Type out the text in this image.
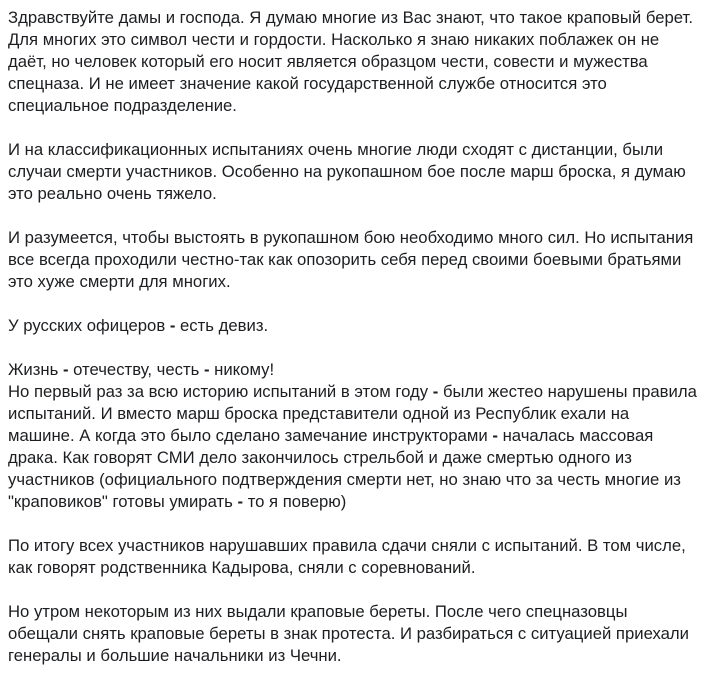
Здравствуйте дамы и господа. Я думаю многие из Вас знают, что такое краповый берет. Для многих это символ чести и гордости. Насколько я знаю никаких поблажек он не даёт, но человек который его носит является образцом чести, совести и мужества спецназа. И не имеет значение какой государственной службе относится это специальное подразделение.

И на классификационных испытаниях очень многие люди сходят с дистанции, были случаи смерти участников. Особенно на рукопашном бое после марш броска, я думаю это реально очень тяжело.

И разумеется, чтобы выстоять в рукопашном бою необходимо много сил. Но испытания все всегда проходили честно-так как опозорить себя перед своими боевыми братьями это хуже смерти для многих.

У русских офицеров - есть девиз.

Жизнь - отечеству, честь - никому!
Но первый раз за всю историю испытаний в этом году - были жестео нарушены правила испытаний. И вместо марш броска представители одной из Республик ехали на машине. А когда это было сделано замечание инструкторами - началась массовая драка. Как говорят СМИ дело закончилось стрельбой и даже смертью одного из участников (официального подтверждения смерти нет, но знаю что за честь многие из "краповиков" готовы умирать - то я поверю)

По итогу всех участников нарушавших правила сдачи сняли с испытаний. В том числе, как говорят родственника Кадырова, сняли с соревнований.

Но утром некоторым из них выдали краповые береты. После чего спецназовцы обещали снять краповые береты в знак протеста. И разбираться с ситуацией приехали генералы и большие начальники из Чечни.
